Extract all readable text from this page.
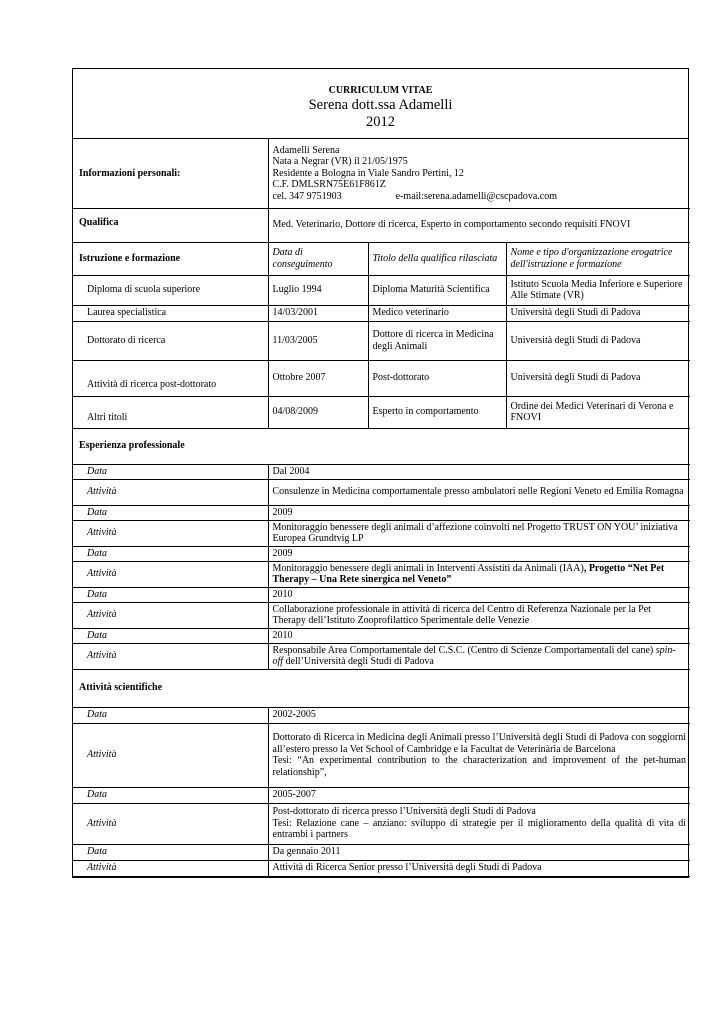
CURRICULUM VITAE
Serena dott.ssa Adamelli
2012
Informazioni personali:	Adamelli Serena
Nata a Negrar (VR) il 21/05/1975
Residente a Bologna in Viale Sandro Pertini, 12
C.F. DMLSRN75E61F861Z
cel. 347 9751903 e-mail:serena.adamelli@cscpadova.com		

Qualifica	Med. Veterinario, Dottore di ricerca, Esperto in comportamento secondo requisiti FNOVI		
Istruzione e formazione	Data di conseguimento	Titolo della qualifica rilasciata	Nome e tipo d'organizzazione erogatrice dell'istruzione e formazione
Diploma di scuola superiore	Luglio 1994	Diploma Maturità Scientifica	Istituto Scuola Media Inferiore e Superiore Alle Stimate (VR)
Laurea specialistica	14/03/2001	Medico veterinario	Università degli Studi di Padova
Dottorato di ricerca	11/03/2005	Dottore di ricerca in Medicina degli Animali	Università degli Studi di Padova
Attività di ricerca post-dottorato	Ottobre 2007	Post-dottorato	Università degli Studi di Padova
Altri titoli	04/08/2009	Esperto in comportamento	Ordine dei Medici Veterinari di Verona e FNOVI
Esperienza professionale			
Data	Dal 2004		
Attività	Consulenze in Medicina comportamentale presso ambulatori nelle Regioni Veneto ed Emilia Romagna		
Data	2009		
Attività	Monitoraggio benessere degli animali d’affezione coinvolti nel Progetto TRUST ON YOU’ iniziativa Europea Grundtvig LP		
Data	2009		
Attività	Monitoraggio benessere degli animali in Interventi Assistiti da Animali (IAA), Progetto “Net Pet Therapy – Una Rete sinergica nel Veneto”		
Data	2010		
Attività	Collaborazione professionale in attività di ricerca del Centro di Referenza Nazionale per la Pet Therapy dell’Istituto Zooprofilattico Sperimentale delle Venezie		
Data	2010		
Attività	Responsabile Area Comportamentale del C.S.C. (Centro di Scienze Comportamentali del cane) spin-off dell’Università degli Studi di Padova		
Attività scientifiche			
Data	2002-2005		
Attività	Dottorato di Ricerca in Medicina degli Animali presso l’Università degli Studi di Padova con soggiorni all’estero presso la Vet School of Cambridge e la Facultat de Veterinària de Barcelona
Tesi: “An experimental contribution to the characterization and improvement of the pet-human relationship”,		

Data	2005-2007		
Attività	Post-dottorato di ricerca presso l’Università degli Studi di Padova
Tesi: Relazione cane – anziano: sviluppo di strategie per il miglioramento della qualità di vita di entrambi i partners		

Data	Da gennaio 2011		
Attività	Attività di Ricerca Senior presso l’Università degli Studi di Padova		
